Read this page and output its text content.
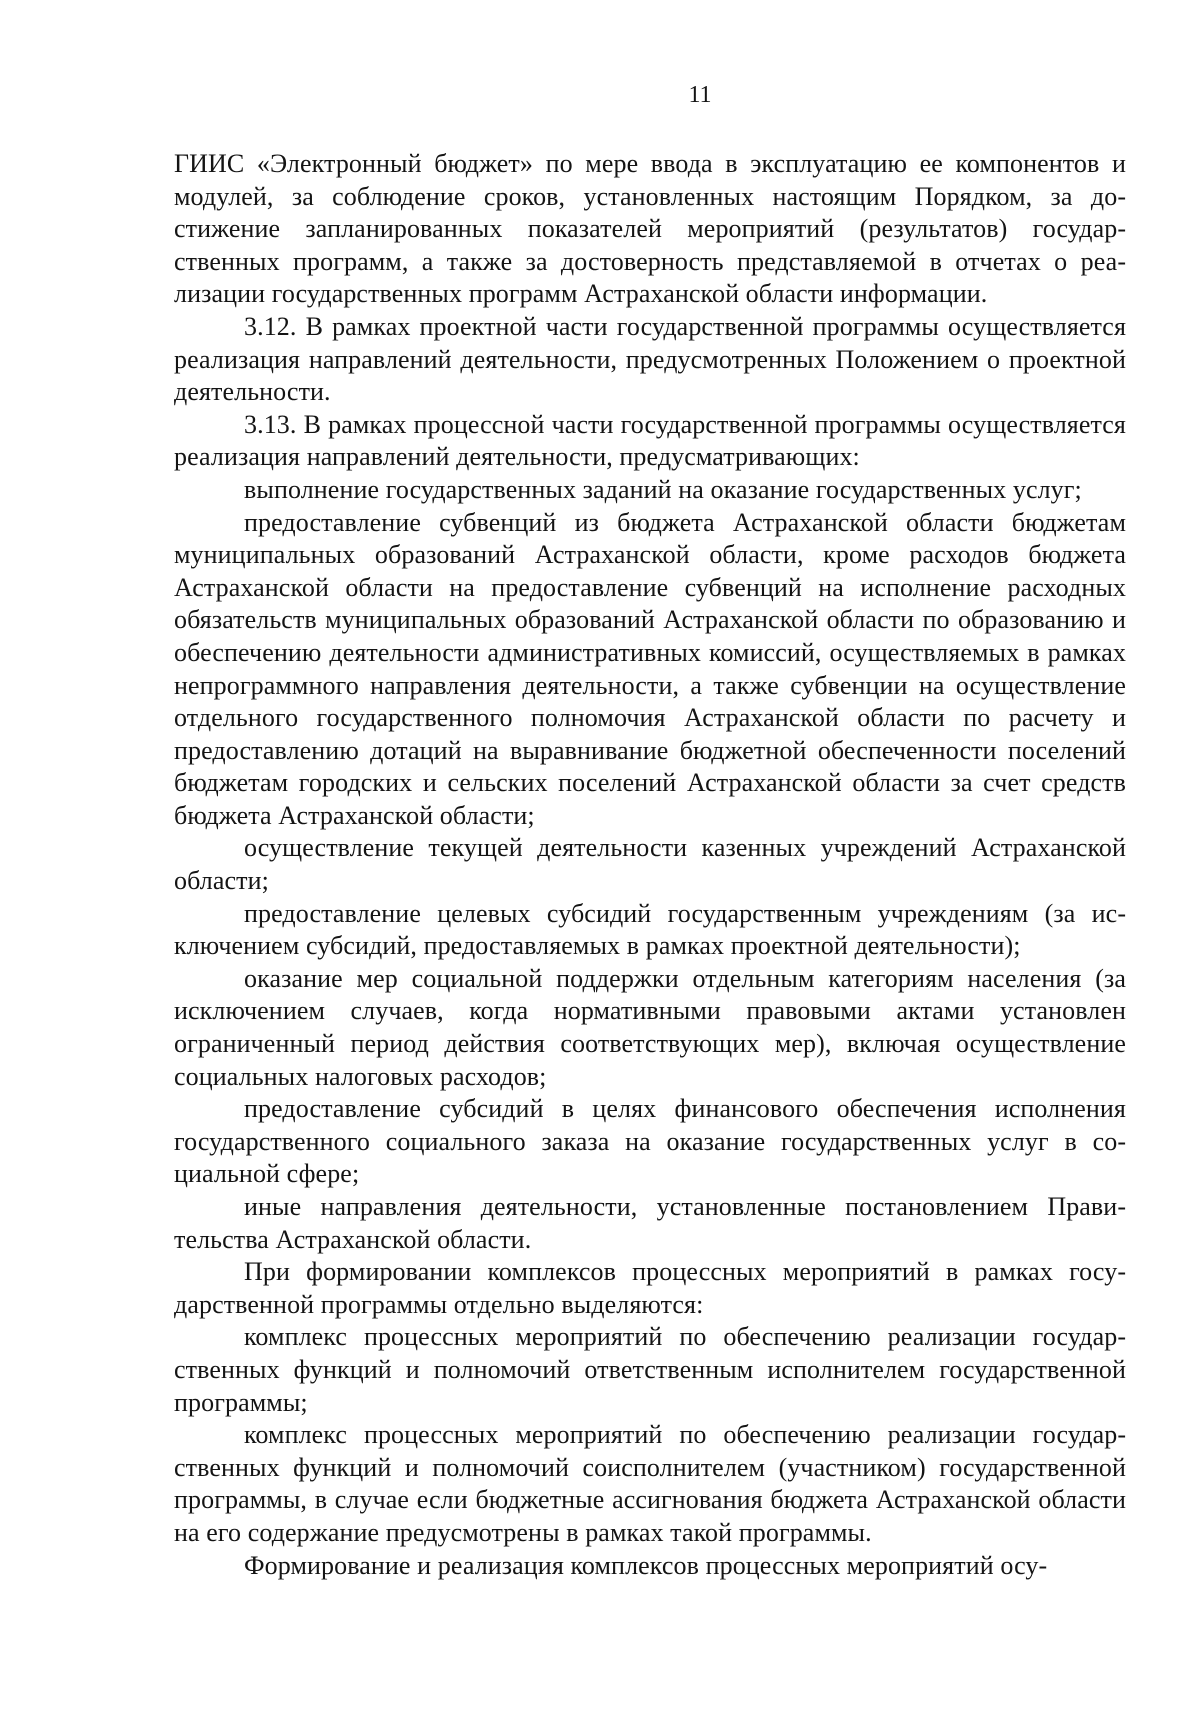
11

ГИИС «Электронный бюджет» по мере ввода в эксплуатацию ее компонентов и модулей, за соблюдение сроков, установленных настоящим Порядком, за достижение запланированных показателей мероприятий (результатов) государственных программ, а также за достоверность представляемой в отчетах о реализации государственных программ Астраханской области информации.

3.12. В рамках проектной части государственной программы осуществляется реализация направлений деятельности, предусмотренных Положением о проектной деятельности.

3.13. В рамках процессной части государственной программы осуществляется реализация направлений деятельности, предусматривающих:

выполнение государственных заданий на оказание государственных услуг;

предоставление субвенций из бюджета Астраханской области бюджетам муниципальных образований Астраханской области, кроме расходов бюджета Астраханской области на предоставление субвенций на исполнение расходных обязательств муниципальных образований Астраханской области по образованию и обеспечению деятельности административных комиссий, осуществляемых в рамках непрограммного направления деятельности, а также субвенции на осуществление отдельного государственного полномочия Астраханской области по расчету и предоставлению дотаций на выравнивание бюджетной обеспеченности поселений бюджетам городских и сельских поселений Астраханской области за счет средств бюджета Астраханской области;

осуществление текущей деятельности казенных учреждений Астраханской области;

предоставление целевых субсидий государственным учреждениям (за исключением субсидий, предоставляемых в рамках проектной деятельности);

оказание мер социальной поддержки отдельным категориям населения (за исключением случаев, когда нормативными правовыми актами установлен ограниченный период действия соответствующих мер), включая осуществление социальных налоговых расходов;

предоставление субсидий в целях финансового обеспечения исполнения государственного социального заказа на оказание государственных услуг в социальной сфере;

иные направления деятельности, установленные постановлением Правительства Астраханской области.

При формировании комплексов процессных мероприятий в рамках государственной программы отдельно выделяются:

комплекс процессных мероприятий по обеспечению реализации государственных функций и полномочий ответственным исполнителем государственной программы;

комплекс процессных мероприятий по обеспечению реализации государственных функций и полномочий соисполнителем (участником) государственной программы, в случае если бюджетные ассигнования бюджета Астраханской области на его содержание предусмотрены в рамках такой программы.

Формирование и реализация комплексов процессных мероприятий осу-
